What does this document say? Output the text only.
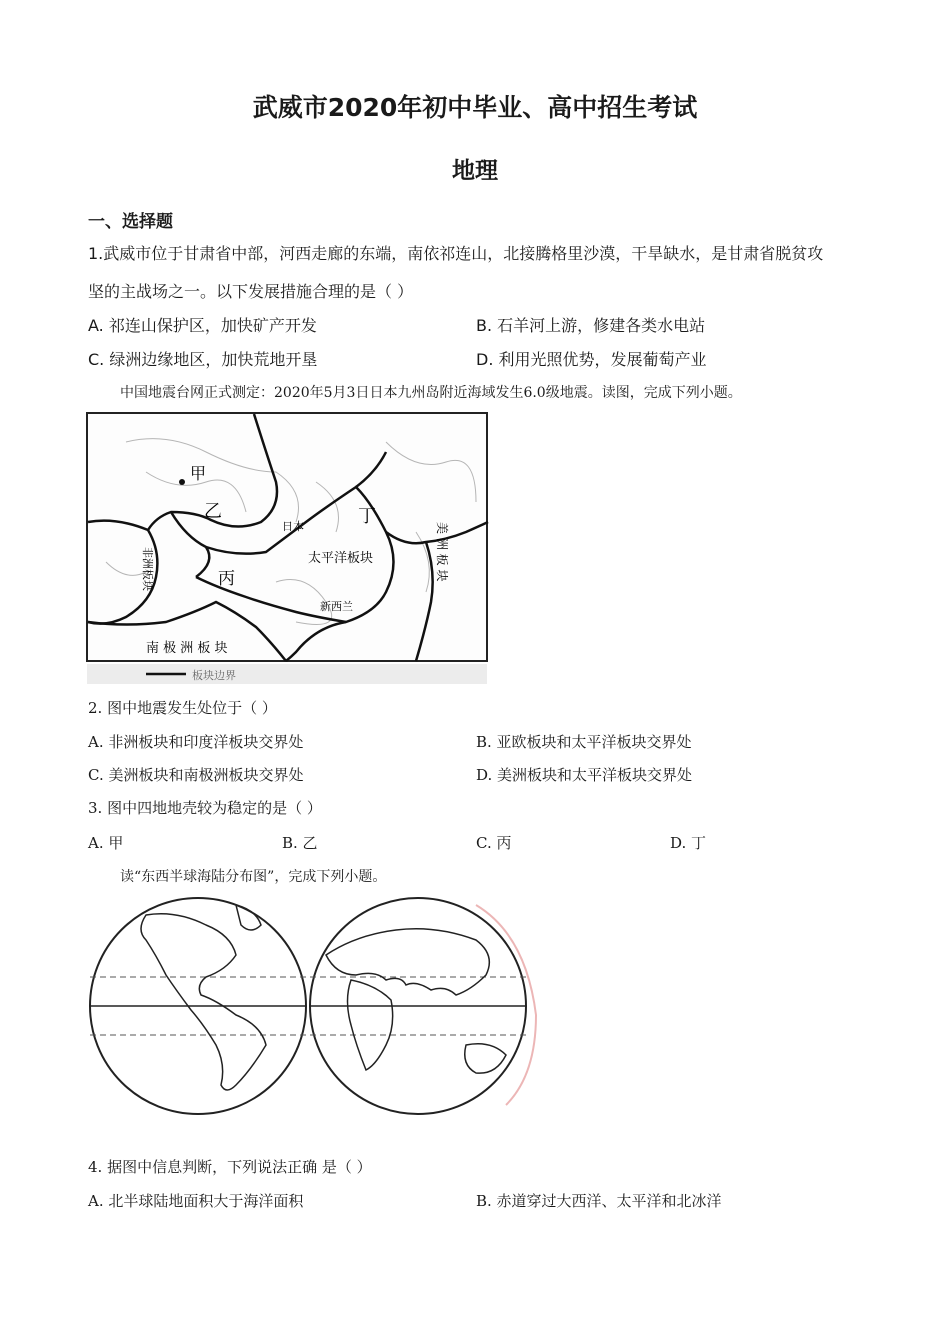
武威市2020年初中毕业、高中招生考试
地理
一、选择题
1.武威市位于甘肃省中部，河西走廊的东端，南依祁连山，北接腾格里沙漠，干旱缺水，是甘肃省脱贫攻
坚的主战场之一。以下发展措施合理的是（ ）
A. 祁连山保护区，加快矿产开发	B. 石羊河上游，修建各类水电站
C. 绿洲边缘地区，加快荒地开垦	D. 利用光照优势，发展葡萄产业
中国地震台网正式测定：2020年5月3日日本九州岛附近海域发生6.0级地震。读图，完成下列小题。
甲
乙
丙
丁
太平洋板块
日本
新西兰
非洲板块
南 极 洲 板 块
美 洲 板 块
板块边界
2. 图中地震发生处位于（ ）
A. 非洲板块和印度洋板块交界处	B. 亚欧板块和太平洋板块交界处
C. 美洲板块和南极洲板块交界处	D. 美洲板块和太平洋板块交界处
3. 图中四地地壳较为稳定的是（ ）
A. 甲	B. 乙	C. 丙	D. 丁
读“东西半球海陆分布图”，完成下列小题。
4. 据图中信息判断，下列说法正确 是（ ）
A. 北半球陆地面积大于海洋面积	B. 赤道穿过大西洋、太平洋和北冰洋
